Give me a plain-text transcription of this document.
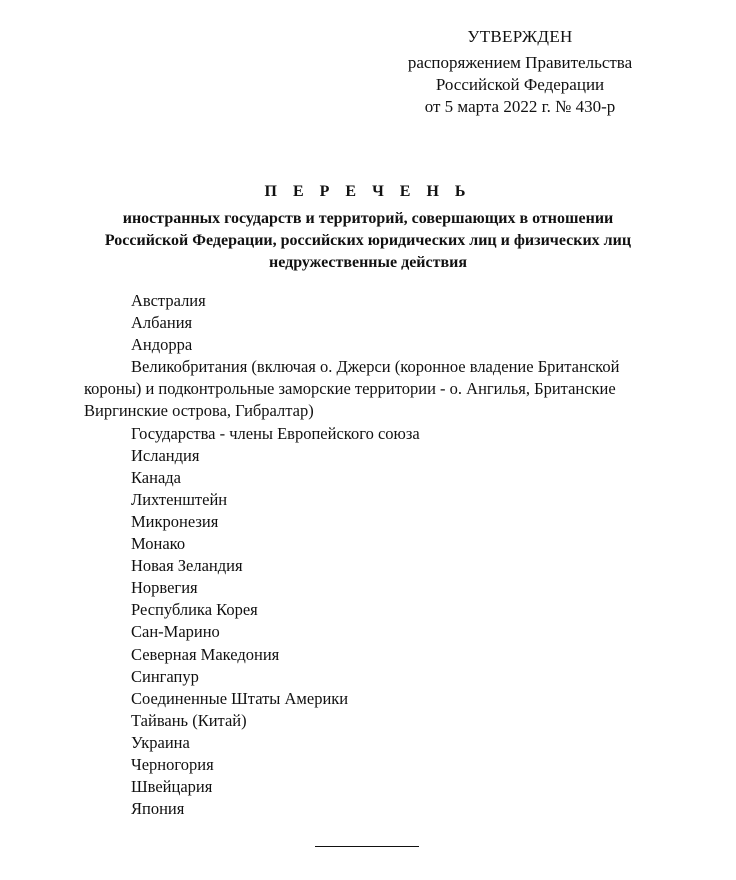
УТВЕРЖДЕН
распоряжением Правительства
Российской Федерации
от 5 марта 2022 г. № 430-р
П Е Р Е Ч Е Н Ь
иностранных государств и территорий, совершающих в отношении Российской Федерации, российских юридических лиц и физических лиц недружественные действия
Австралия
Албания
Андорра
Великобритания (включая о. Джерси (коронное владение Британской короны) и подконтрольные заморские территории - о. Ангилья, Британские Виргинские острова, Гибралтар)
Государства - члены Европейского союза
Исландия
Канада
Лихтенштейн
Микронезия
Монако
Новая Зеландия
Норвегия
Республика Корея
Сан-Марино
Северная Македония
Сингапур
Соединенные Штаты Америки
Тайвань (Китай)
Украина
Черногория
Швейцария
Япония
